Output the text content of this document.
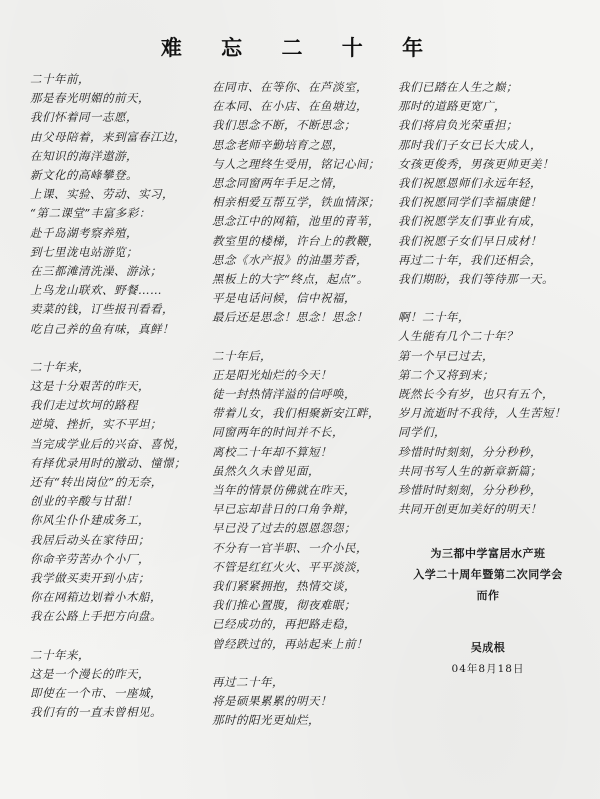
难 忘 二 十 年
二十年前，
那是春光明媚的前天，
我们怀着同一志愿，
由父母陪着，来到富春江边，
在知识的海洋遨游，
新文化的高峰攀登。
上课、实验、劳动、实习，
“第二课堂”丰富多彩：
赴千岛湖考察养殖，
到七里泷电站游览；
在三都滩清洗澡、游泳；
上鸟龙山联欢、野餐……
卖菜的钱，订些报刊看看，
吃自己养的鱼有味，真鲜！
二十年来，
这是十分艰苦的昨天，
我们走过坎坷的路程
逆境、挫折，实不平坦；
当完成学业后的兴奋、喜悦，
有择优录用时的激动、憧憬；
还有“转出岗位”的无奈，
创业的辛酸与甘甜！
你风尘仆仆建成务工，
我居后动头在家待田；
你命辛劳苦办个小厂，
我学做买卖开到小店；
你在网箱边划着小木船，
我在公路上手把方向盘。
二十年来，
这是一个漫长的昨天，
即使在一个市、一座城，
我们有的一直未曾相见。
在同市、在等你、在芦淡室，
在本同、在小店、在鱼塘边，
我们思念不断，不断思念；
思念老师辛勤培育之恩，
与人之理终生受用，铭记心间；
思念同窗两年手足之情，
相亲相爱互帮互学，铁血情深；
思念江中的网箱，池里的青苇，
教室里的楼梯，许台上的教鞭，
思念《水产报》的油墨芳香，
黑板上的大字“终点，起点”。
平是电话问候，信中祝福，
最后还是思念！思念！思念！
二十年后，
正是阳光灿烂的今天！
徒一封热情洋溢的信呼唤，
带着儿女，我们相聚新安江畔，
同窗两年的时间并不长，
离校二十年却不算短！
虽然久久未曾见面，
当年的情景仿佛就在昨天，
早已忘却昔日的口角争辩，
早已没了过去的恩恩怨怨；
不分有一官半职、一介小民，
不管是红红火火、平平淡淡，
我们紧紧拥抱，热情交谈，
我们推心置腹，彻夜难眠；
已经成功的，再把路走稳，
曾经跌过的，再站起来上前！
再过二十年，
将是硕果累累的明天！
那时的阳光更灿烂，
我们已踏在人生之巅；
那时的道路更宽广，
我们将肩负光荣重担；
那时我们子女已长大成人，
女孩更俊秀，男孩更帅更美！
我们祝愿恩师们永远年轻，
我们祝愿同学们幸福康健！
我们祝愿学友们事业有成，
我们祝愿子女们早日成材！
再过二十年，我们还相会，
我们期盼，我们等待那一天。
啊！二十年，
人生能有几个二十年？
第一个早已过去，
第二个又将到来；
既然长今有岁，也只有五个，
岁月流逝时不我待，人生苦短！
同学们，
珍惜时时刻刻，分分秒秒，
共同书写人生的新章新篇；
珍惜时时刻刻，分分秒秒，
共同开创更加美好的明天！
为三都中学富居水产班
入学二十周年暨第二次同学会
而作
吴成根
04年8月18日
